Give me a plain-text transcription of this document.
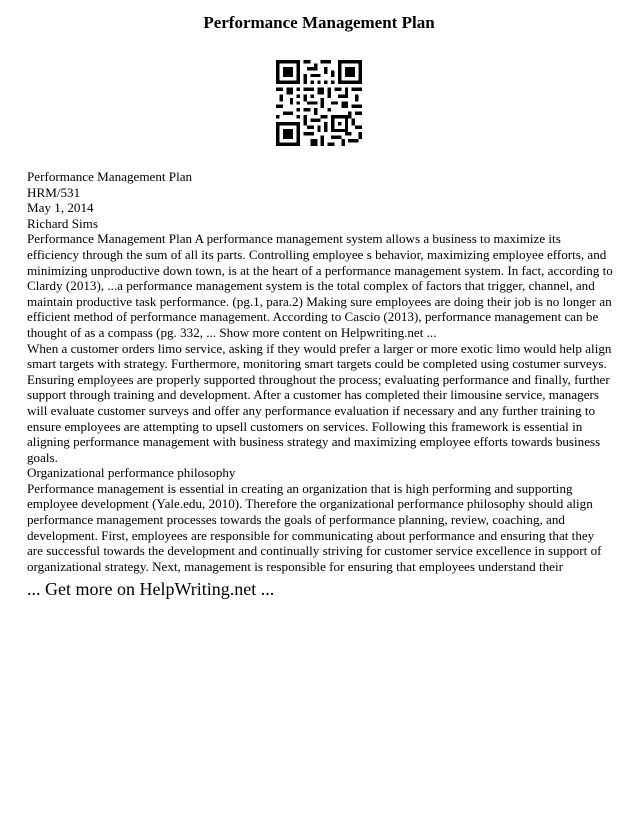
Performance Management Plan
Performance Management Plan
HRM/531
May 1, 2014
Richard Sims
Performance Management Plan A performance management system allows a business to maximize its efficiency through the sum of all its parts. Controlling employee s behavior, maximizing employee efforts, and minimizing unproductive down town, is at the heart of a performance management system. In fact, according to Clardy (2013), ...a performance management system is the total complex of factors that trigger, channel, and maintain productive task performance. (pg.1, para.2) Making sure employees are doing their job is no longer an efficient method of performance management. According to Cascio (2013), performance management can be thought of as a compass (pg. 332, ... Show more content on Helpwriting.net ...
When a customer orders limo service, asking if they would prefer a larger or more exotic limo would help align smart targets with strategy. Furthermore, monitoring smart targets could be completed using costumer surveys. Ensuring employees are properly supported throughout the process; evaluating performance and finally, further support through training and development. After a customer has completed their limousine service, managers will evaluate customer surveys and offer any performance evaluation if necessary and any further training to ensure employees are attempting to upsell customers on services. Following this framework is essential in aligning performance management with business strategy and maximizing employee efforts towards business goals.
Organizational performance philosophy
Performance management is essential in creating an organization that is high performing and supporting employee development (Yale.edu, 2010). Therefore the organizational performance philosophy should align performance management processes towards the goals of performance planning, review, coaching, and development. First, employees are responsible for communicating about performance and ensuring that they are successful towards the development and continually striving for customer service excellence in support of organizational strategy. Next, management is responsible for ensuring that employees understand their
... Get more on HelpWriting.net ...
